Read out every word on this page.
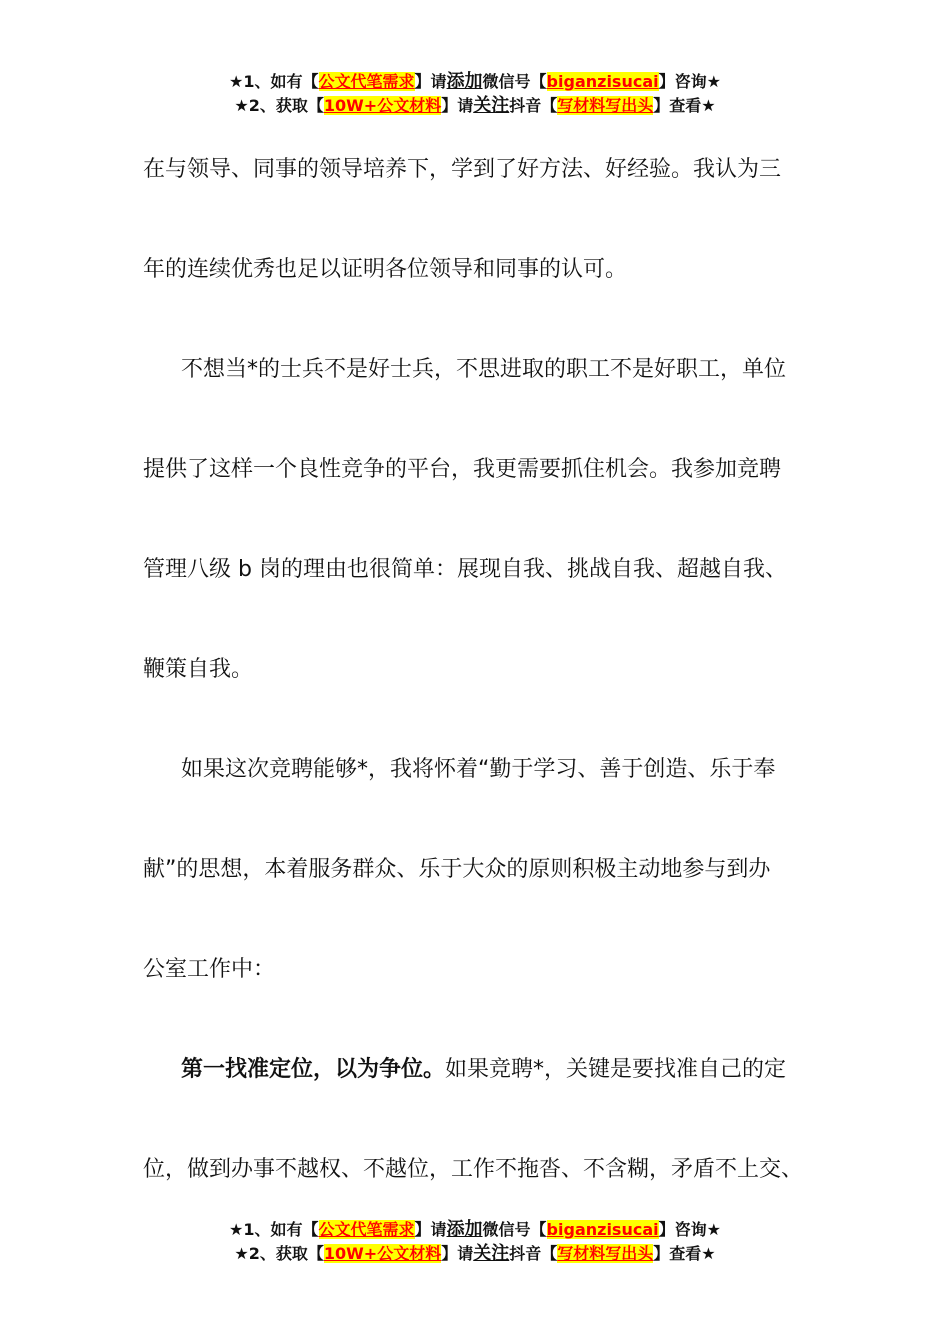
★1、如有【公文代笔需求】请添加微信号【biganzisucai】咨询★
★2、获取【10W+公文材料】请关注抖音【写材料写出头】查看★

在与领导、同事的领导培养下，学到了好方法、好经验。我认为三

年的连续优秀也足以证明各位领导和同事的认可。

不想当*的士兵不是好士兵，不思进取的职工不是好职工，单位

提供了这样一个良性竞争的平台，我更需要抓住机会。我参加竞聘

管理八级 b 岗的理由也很简单：展现自我、挑战自我、超越自我、

鞭策自我。

如果这次竞聘能够*，我将怀着“勤于学习、善于创造、乐于奉

献”的思想，本着服务群众、乐于大众的原则积极主动地参与到办

公室工作中：

第一找准定位，以为争位。如果竞聘*，关键是要找准自己的定

位，做到办事不越权、不越位，工作不拖沓、不含糊，矛盾不上交、

★1、如有【公文代笔需求】请添加微信号【biganzisucai】咨询★
★2、获取【10W+公文材料】请关注抖音【写材料写出头】查看★
